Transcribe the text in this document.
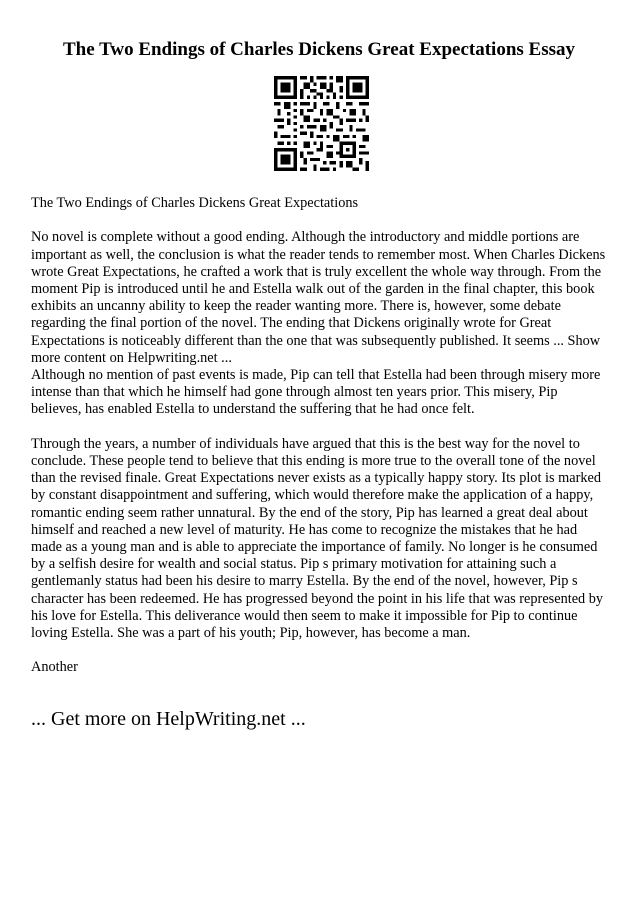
The Two Endings of Charles Dickens Great Expectations Essay

The Two Endings of Charles Dickens Great Expectations

No novel is complete without a good ending. Although the introductory and middle portions are important as well, the conclusion is what the reader tends to remember most. When Charles Dickens wrote Great Expectations, he crafted a work that is truly excellent the whole way through. From the moment Pip is introduced until he and Estella walk out of the garden in the final chapter, this book exhibits an uncanny ability to keep the reader wanting more. There is, however, some debate regarding the final portion of the novel. The ending that Dickens originally wrote for Great Expectations is noticeably different than the one that was subsequently published. It seems ... Show more content on Helpwriting.net ...

Although no mention of past events is made, Pip can tell that Estella had been through misery more intense than that which he himself had gone through almost ten years prior. This misery, Pip believes, has enabled Estella to understand the suffering that he had once felt.

Through the years, a number of individuals have argued that this is the best way for the novel to conclude. These people tend to believe that this ending is more true to the overall tone of the novel than the revised finale. Great Expectations never exists as a typically happy story. Its plot is marked by constant disappointment and suffering, which would therefore make the application of a happy, romantic ending seem rather unnatural. By the end of the story, Pip has learned a great deal about himself and reached a new level of maturity. He has come to recognize the mistakes that he had made as a young man and is able to appreciate the importance of family. No longer is he consumed by a selfish desire for wealth and social status. Pip s primary motivation for attaining such a gentlemanly status had been his desire to marry Estella. By the end of the novel, however, Pip s character has been redeemed. He has progressed beyond the point in his life that was represented by his love for Estella. This deliverance would then seem to make it impossible for Pip to continue loving Estella. She was a part of his youth; Pip, however, has become a man.

Another

... Get more on HelpWriting.net ...
